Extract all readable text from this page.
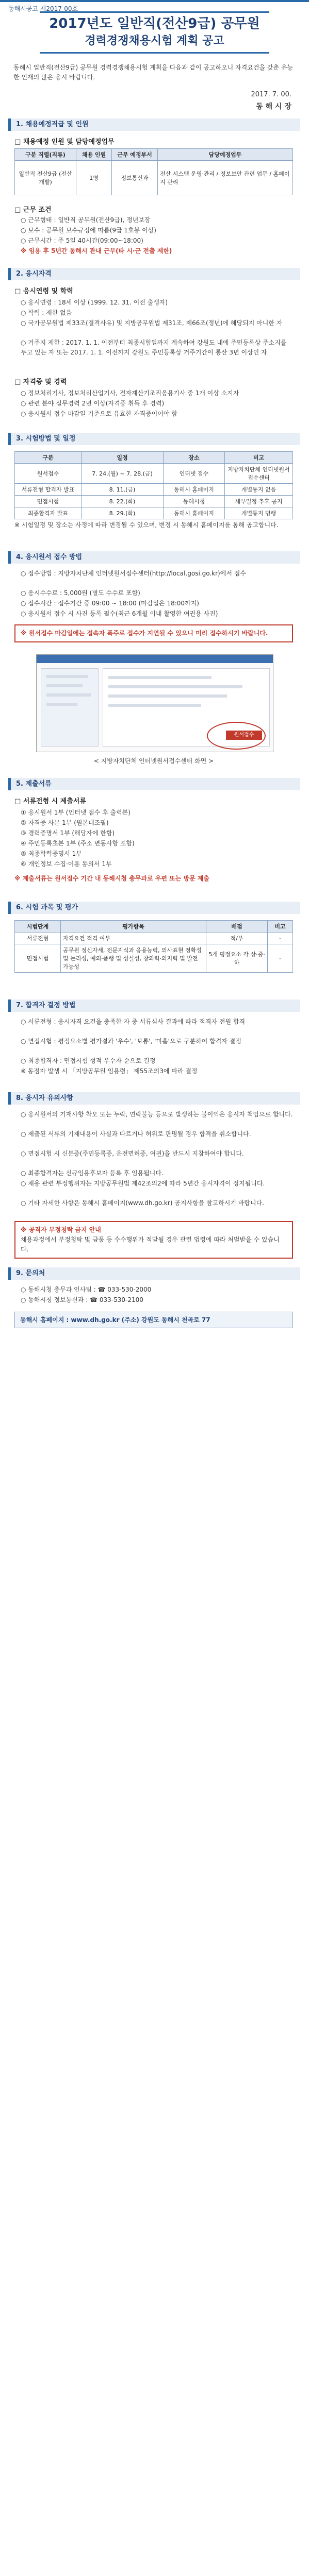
동해시공고 제2017-00호
2017년도 일반직(전산9급) 공무원
경력경쟁채용시험 계획 공고
동해시 일반직(전산9급) 공무원 경력경쟁채용시험 계획을 다음과 같이 공고하오니 자격요건을 갖춘 유능한 인재의 많은 응시 바랍니다.
2017. 7. 00.
동 해 시 장
1. 채용예정직급 및 인원
□ 채용예정 인원 및 담당예정업무
구분 직렬(직류)	채용 인원	근무 예정부서	담당예정업무
일반직 전산9급 (전산개발)	1명	정보통신과	전산 시스템 운영·관리 / 정보보안 관련 업무 / 홈페이지 관리
□ 근무 조건
○ 근무형태 : 일반직 공무원(전산9급), 정년보장
○ 보수 : 공무원 보수규정에 따름(9급 1호봉 이상)
○ 근무시간 : 주 5일 40시간(09:00~18:00)
※ 임용 후 5년간 동해시 관내 근무(타 시·군 전출 제한)
2. 응시자격
□ 응시연령 및 학력
○ 응시연령 : 18세 이상 (1999. 12. 31. 이전 출생자)
○ 학력 : 제한 없음
○ 국가공무원법 제33조(결격사유) 및 지방공무원법 제31조, 제66조(정년)에 해당되지 아니한 자
○ 거주지 제한 : 2017. 1. 1. 이전부터 최종시험일까지 계속하여 강원도 내에 주민등록상 주소지를 두고 있는 자 또는 2017. 1. 1. 이전까지 강원도 주민등록상 거주기간이 통산 3년 이상인 자
□ 자격증 및 경력
○ 정보처리기사, 정보처리산업기사, 전자계산기조직응용기사 중 1개 이상 소지자
○ 관련 분야 실무경력 2년 이상(자격증 취득 후 경력)
○ 응시원서 접수 마감일 기준으로 유효한 자격증이어야 함
3. 시험방법 및 일정
구분	일정	장소	비고
원서접수	7. 24.(월) ~ 7. 28.(금)	인터넷 접수	지방자치단체 인터넷원서접수센터
서류전형 합격자 발표	8. 11.(금)	동해시 홈페이지	개별통지 없음
면접시험	8. 22.(화)	동해시청	세부일정 추후 공지
최종합격자 발표	8. 29.(화)	동해시 홈페이지	개별통지 병행
※ 시험일정 및 장소는 사정에 따라 변경될 수 있으며, 변경 시 동해시 홈페이지를 통해 공고합니다.
4. 응시원서 접수 방법
○ 접수방법 : 지방자치단체 인터넷원서접수센터(http://local.gosi.go.kr)에서 접수
○ 응시수수료 : 5,000원 (별도 수수료 포함)
○ 접수시간 : 접수기간 중 09:00 ~ 18:00 (마감일은 18:00까지)
○ 응시원서 접수 시 사진 등록 필수(최근 6개월 이내 촬영한 여권용 사진)
※ 원서접수 마감일에는 접속자 폭주로 접수가 지연될 수 있으니 미리 접수하시기 바랍니다.
원서접수
< 지방자치단체 인터넷원서접수센터 화면 >
5. 제출서류
□ 서류전형 시 제출서류
① 응시원서 1부 (인터넷 접수 후 출력본)
② 자격증 사본 1부 (원본대조필)
③ 경력증명서 1부 (해당자에 한함)
④ 주민등록초본 1부 (주소 변동사항 포함)
⑤ 최종학력증명서 1부
⑥ 개인정보 수집·이용 동의서 1부
※ 제출서류는 원서접수 기간 내 동해시청 총무과로 우편 또는 방문 제출
6. 시험 과목 및 평가
시험단계	평가항목	배점	비고
서류전형	자격요건 적격 여부	적/부	-
면접시험	공무원 정신자세, 전문지식과 응용능력, 의사표현 정확성 및 논리성, 예의·품행 및 성실성, 창의력·의지력 및 발전 가능성	5개 평정요소 각 상·중·하	-
7. 합격자 결정 방법
○ 서류전형 : 응시자격 요건을 충족한 자 중 서류심사 결과에 따라 적격자 전원 합격
○ 면접시험 : 평정요소별 평가결과 '우수', '보통', '미흡'으로 구분하여 합격자 결정
○ 최종합격자 : 면접시험 성적 우수자 순으로 결정
※ 동점자 발생 시 「지방공무원 임용령」 제55조의3에 따라 결정
8. 응시자 유의사항
○ 응시원서의 기재사항 착오 또는 누락, 연락불능 등으로 발생하는 불이익은 응시자 책임으로 합니다.
○ 제출된 서류의 기재내용이 사실과 다르거나 허위로 판명될 경우 합격을 취소합니다.
○ 면접시험 시 신분증(주민등록증, 운전면허증, 여권)을 반드시 지참하여야 합니다.
○ 최종합격자는 신규임용후보자 등록 후 임용됩니다.
○ 채용 관련 부정행위자는 지방공무원법 제42조의2에 따라 5년간 응시자격이 정지됩니다.
○ 기타 자세한 사항은 동해시 홈페이지(www.dh.go.kr) 공지사항을 참고하시기 바랍니다.
※ 공직자 부정청탁 금지 안내
채용과정에서 부정청탁 및 금품 등 수수행위가 적발될 경우 관련 법령에 따라 처벌받을 수 있습니다.
9. 문의처
○ 동해시청 총무과 인사팀 : ☎ 033-530-2000
○ 동해시청 정보통신과 : ☎ 033-530-2100
동해시 홈페이지 : www.dh.go.kr (주소) 강원도 동해시 천곡로 77
